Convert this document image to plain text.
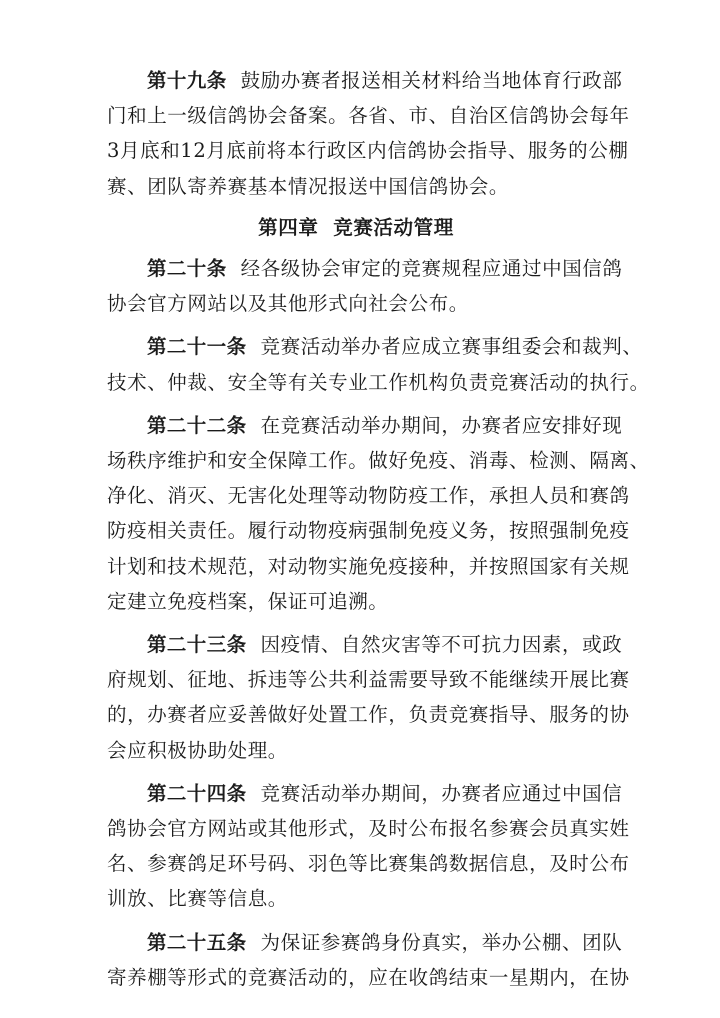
第十九条 鼓励办赛者报送相关材料给当地体育行政部
门和上一级信鸽协会备案。各省、市、自治区信鸽协会每年
3月底和12月底前将本行政区内信鸽协会指导、服务的公棚
赛、团队寄养赛基本情况报送中国信鸽协会。

第四章  竞赛活动管理

第二十条 经各级协会审定的竞赛规程应通过中国信鸽
协会官方网站以及其他形式向社会公布。

第二十一条 竞赛活动举办者应成立赛事组委会和裁判、
技术、仲裁、安全等有关专业工作机构负责竞赛活动的执行。

第二十二条 在竞赛活动举办期间，办赛者应安排好现
场秩序维护和安全保障工作。做好免疫、消毒、检测、隔离、
净化、消灭、无害化处理等动物防疫工作，承担人员和赛鸽
防疫相关责任。履行动物疫病强制免疫义务，按照强制免疫
计划和技术规范，对动物实施免疫接种，并按照国家有关规
定建立免疫档案，保证可追溯。

第二十三条 因疫情、自然灾害等不可抗力因素，或政
府规划、征地、拆违等公共利益需要导致不能继续开展比赛
的，办赛者应妥善做好处置工作，负责竞赛指导、服务的协
会应积极协助处理。

第二十四条 竞赛活动举办期间，办赛者应通过中国信
鸽协会官方网站或其他形式，及时公布报名参赛会员真实姓
名、参赛鸽足环号码、羽色等比赛集鸽数据信息，及时公布
训放、比赛等信息。

第二十五条 为保证参赛鸽身份真实，举办公棚、团队
寄养棚等形式的竞赛活动的，应在收鸽结束一星期内，在协
